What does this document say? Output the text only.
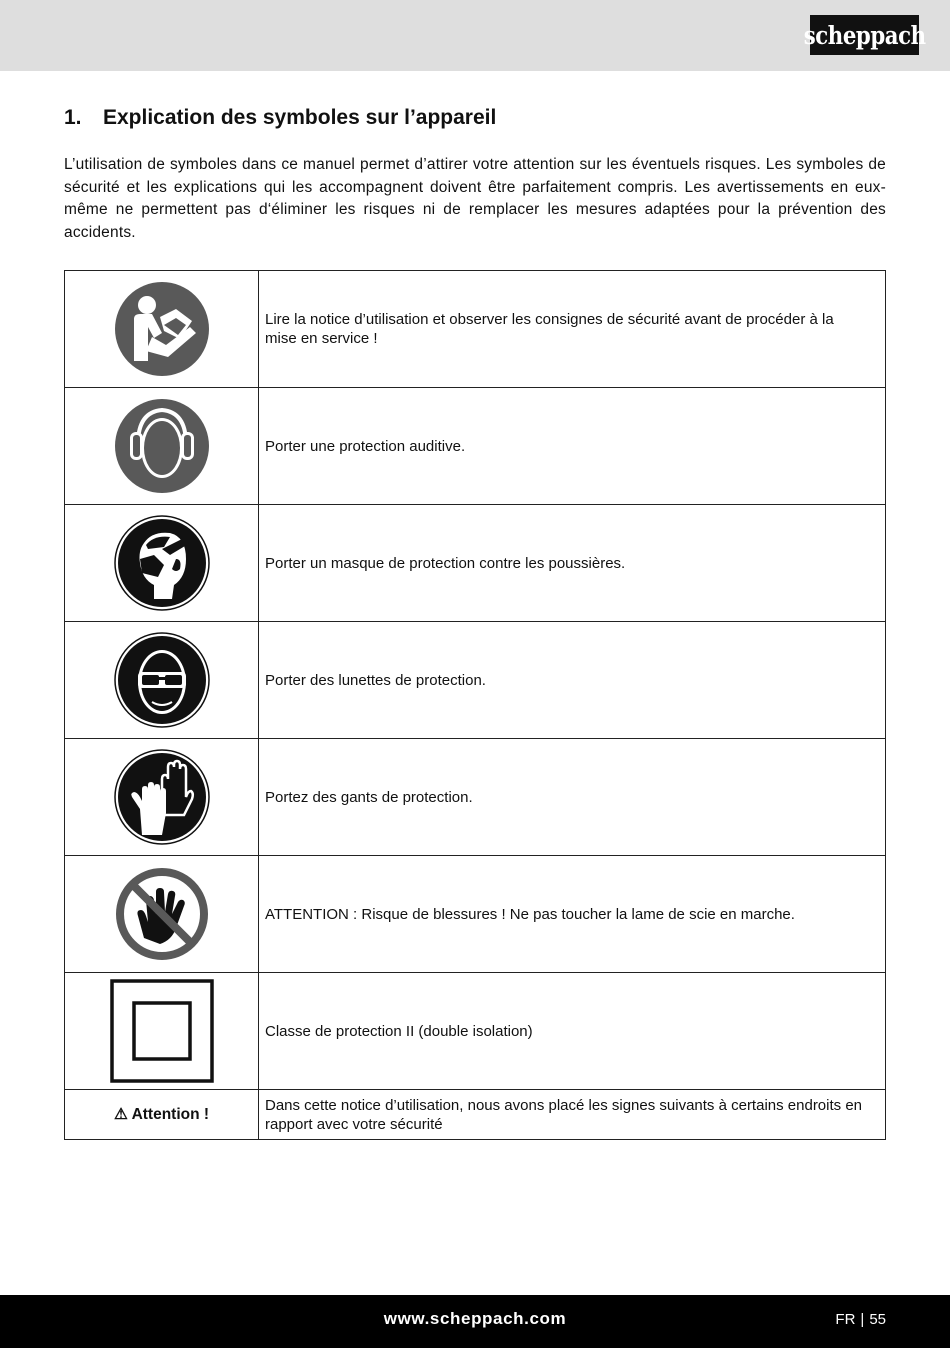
scheppach
1. Explication des symboles sur l’appareil

L’utilisation de symboles dans ce manuel permet d’attirer votre attention sur les éventuels risques. Les symboles de sécurité et les explications qui les accompagnent doivent être parfaitement compris. Les avertissements en eux-même ne permettent pas d‘éliminer les risques ni de remplacer les mesures adaptées pour la prévention des accidents.

	Lire la notice d’utilisation et observer les consignes de sécurité avant de procéder à la mise en service !

	Porter une protection auditive.

	Porter un masque de protection contre les poussières.

	Porter des lunettes de protection.

	Portez des gants de protection.

	ATTENTION : Risque de blessures ! Ne pas toucher la lame de scie en marche.

	Classe de protection II (double isolation)
⚠ Attention !	Dans cette notice d’utilisation, nous avons placé les signes suivants à certains endroits en rapport avec votre sécurité
www.scheppach.com	FR | 55
